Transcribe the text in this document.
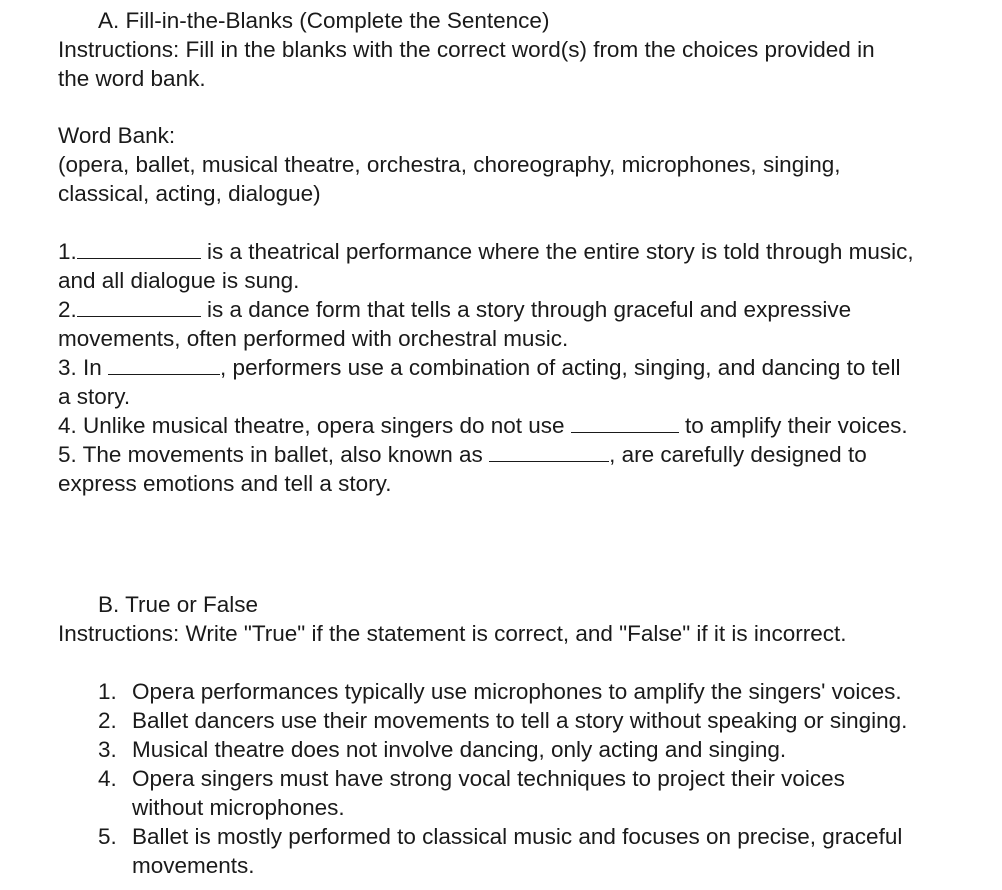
A. Fill-in-the-Blanks (Complete the Sentence)
Instructions: Fill in the blanks with the correct word(s) from the choices provided in
the word bank.
Word Bank:
(opera, ballet, musical theatre, orchestra, choreography, microphones, singing,
classical, acting, dialogue)
1.	is a theatrical performance where the entire story is told through music,
and all dialogue is sung.
2.	is a dance form that tells a story through graceful and expressive
movements, often performed with orchestral music.
3. In	, performers use a combination of acting, singing, and dancing to tell
a story.
4. Unlike musical theatre, opera singers do not use	to amplify their voices.
5. The movements in ballet, also known as	, are carefully designed to
express emotions and tell a story.
B. True or False
Instructions: Write "True" if the statement is correct, and "False" if it is incorrect.
1. Opera performances typically use microphones to amplify the singers' voices.
2. Ballet dancers use their movements to tell a story without speaking or singing.
3. Musical theatre does not involve dancing, only acting and singing.
4. Opera singers must have strong vocal techniques to project their voices
without microphones.
5. Ballet is mostly performed to classical music and focuses on precise, graceful
movements.
